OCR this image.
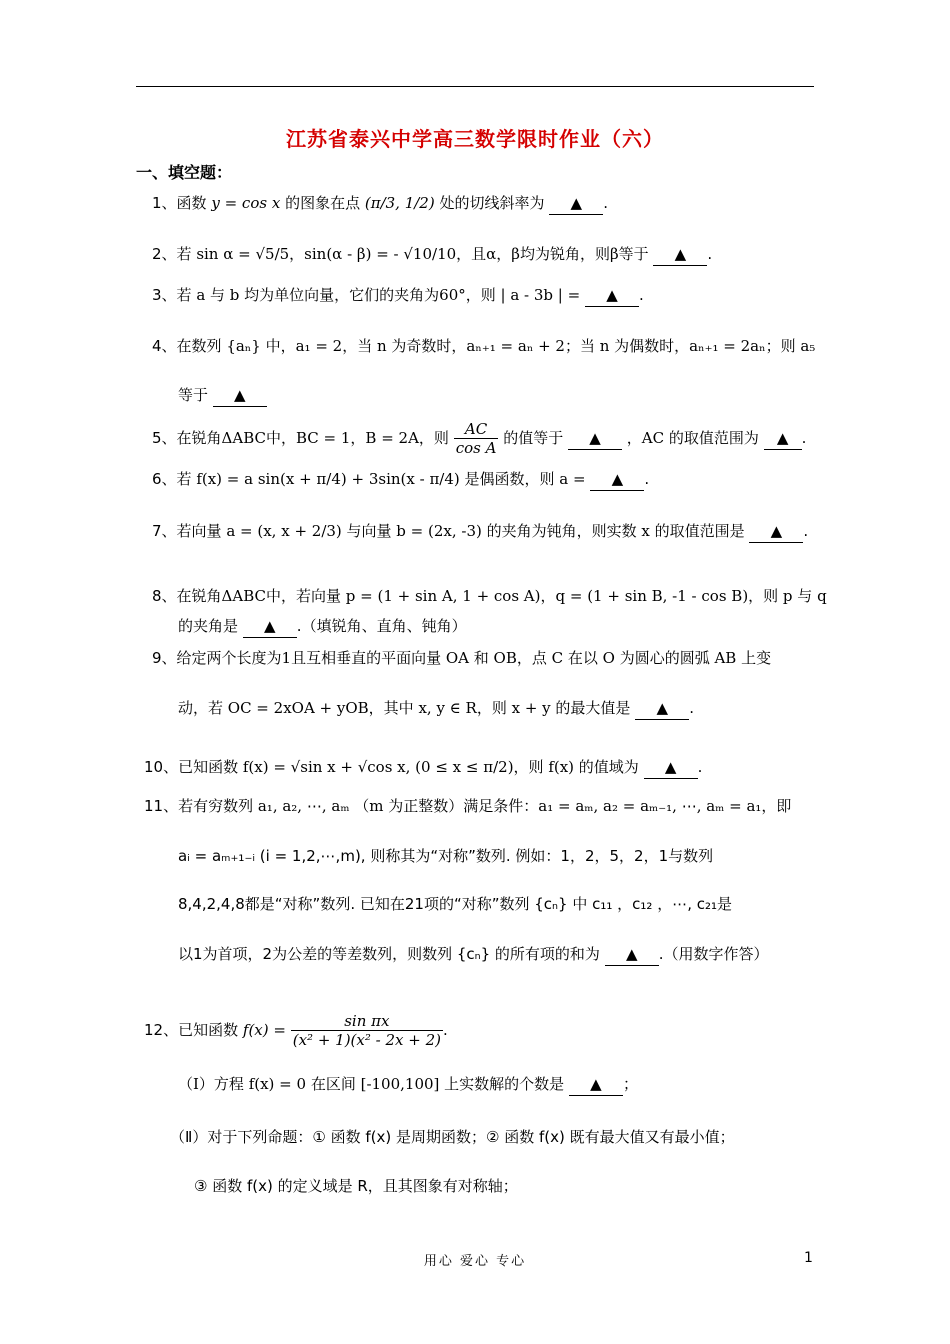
江苏省泰兴中学高三数学限时作业（六）
一、填空题：
1、函数 y = cos x 的图象在点 (π/3, 1/2) 处的切线斜率为 ▲ .
2、若 sin α = √5/5，sin(α - β) = - √10/10，且α，β均为锐角，则β等于 ▲ .
3、若 a 与 b 均为单位向量，它们的夹角为60°，则 | a - 3b | = ▲ .
4、在数列 {aₙ} 中，a₁ = 2，当 n 为奇数时，aₙ₊₁ = aₙ + 2；当 n 为偶数时，aₙ₊₁ = 2aₙ；则 a₅
等于 ▲
5、在锐角ΔABC中，BC = 1，B = 2A，则 $\frac{AC}{\text{cos A}}$ 的值等于 ▲ ，AC 的取值范围为 ▲ .
6、若 f(x) = a sin(x + π/4) + 3sin(x - π/4) 是偶函数，则 a = ▲ .
7、若向量 a = (x, x + 2/3) 与向量 b = (2x, -3) 的夹角为钝角，则实数 x 的取值范围是 ▲ .
8、在锐角ΔABC中，若向量 p = (1 + sin A, 1 + cos A)，q = (1 + sin B, -1 - cos B)，则 p 与 q
的夹角是 ▲ .（填锐角、直角、钝角）
9、给定两个长度为1且互相垂直的平面向量 OA 和 OB，点 C 在以 O 为圆心的圆弧 AB 上变
动，若 OC = 2xOA + yOB，其中 x, y ∈ R，则 x + y 的最大值是 ▲ .
10、已知函数 f(x) = √sin x + √cos x, (0 ≤ x ≤ π/2)，则 f(x) 的值域为 ▲ .
11、若有穷数列 a₁, a₂, ⋯, aₘ （m 为正整数）满足条件：a₁ = aₘ, a₂ = aₘ₋₁, ⋯, aₘ = a₁，即
aᵢ = aₘ₊₁₋ᵢ (i = 1,2,⋯,m), 则称其为“对称”数列. 例如：1，2，5，2，1与数列
8,4,2,4,8都是“对称”数列. 已知在21项的“对称”数列 {cₙ} 中 c₁₁ ，c₁₂ ，⋯, c₂₁是
以1为首项，2为公差的等差数列，则数列 {cₙ} 的所有项的和为 ▲ .（用数字作答）
12、已知函数 $f(x) = \frac{\text{sin πx}}{\text{(x² + 1)(x² - 2x + 2)}}$ .
（Ⅰ）方程 f(x) = 0 在区间 [-100,100] 上实数解的个数是 ▲ ；
（Ⅱ）对于下列命题：① 函数 f(x) 是周期函数；② 函数 f(x) 既有最大值又有最小值；
③ 函数 f(x) 的定义域是 R，且其图象有对称轴；
用心 爱心 专心	1
